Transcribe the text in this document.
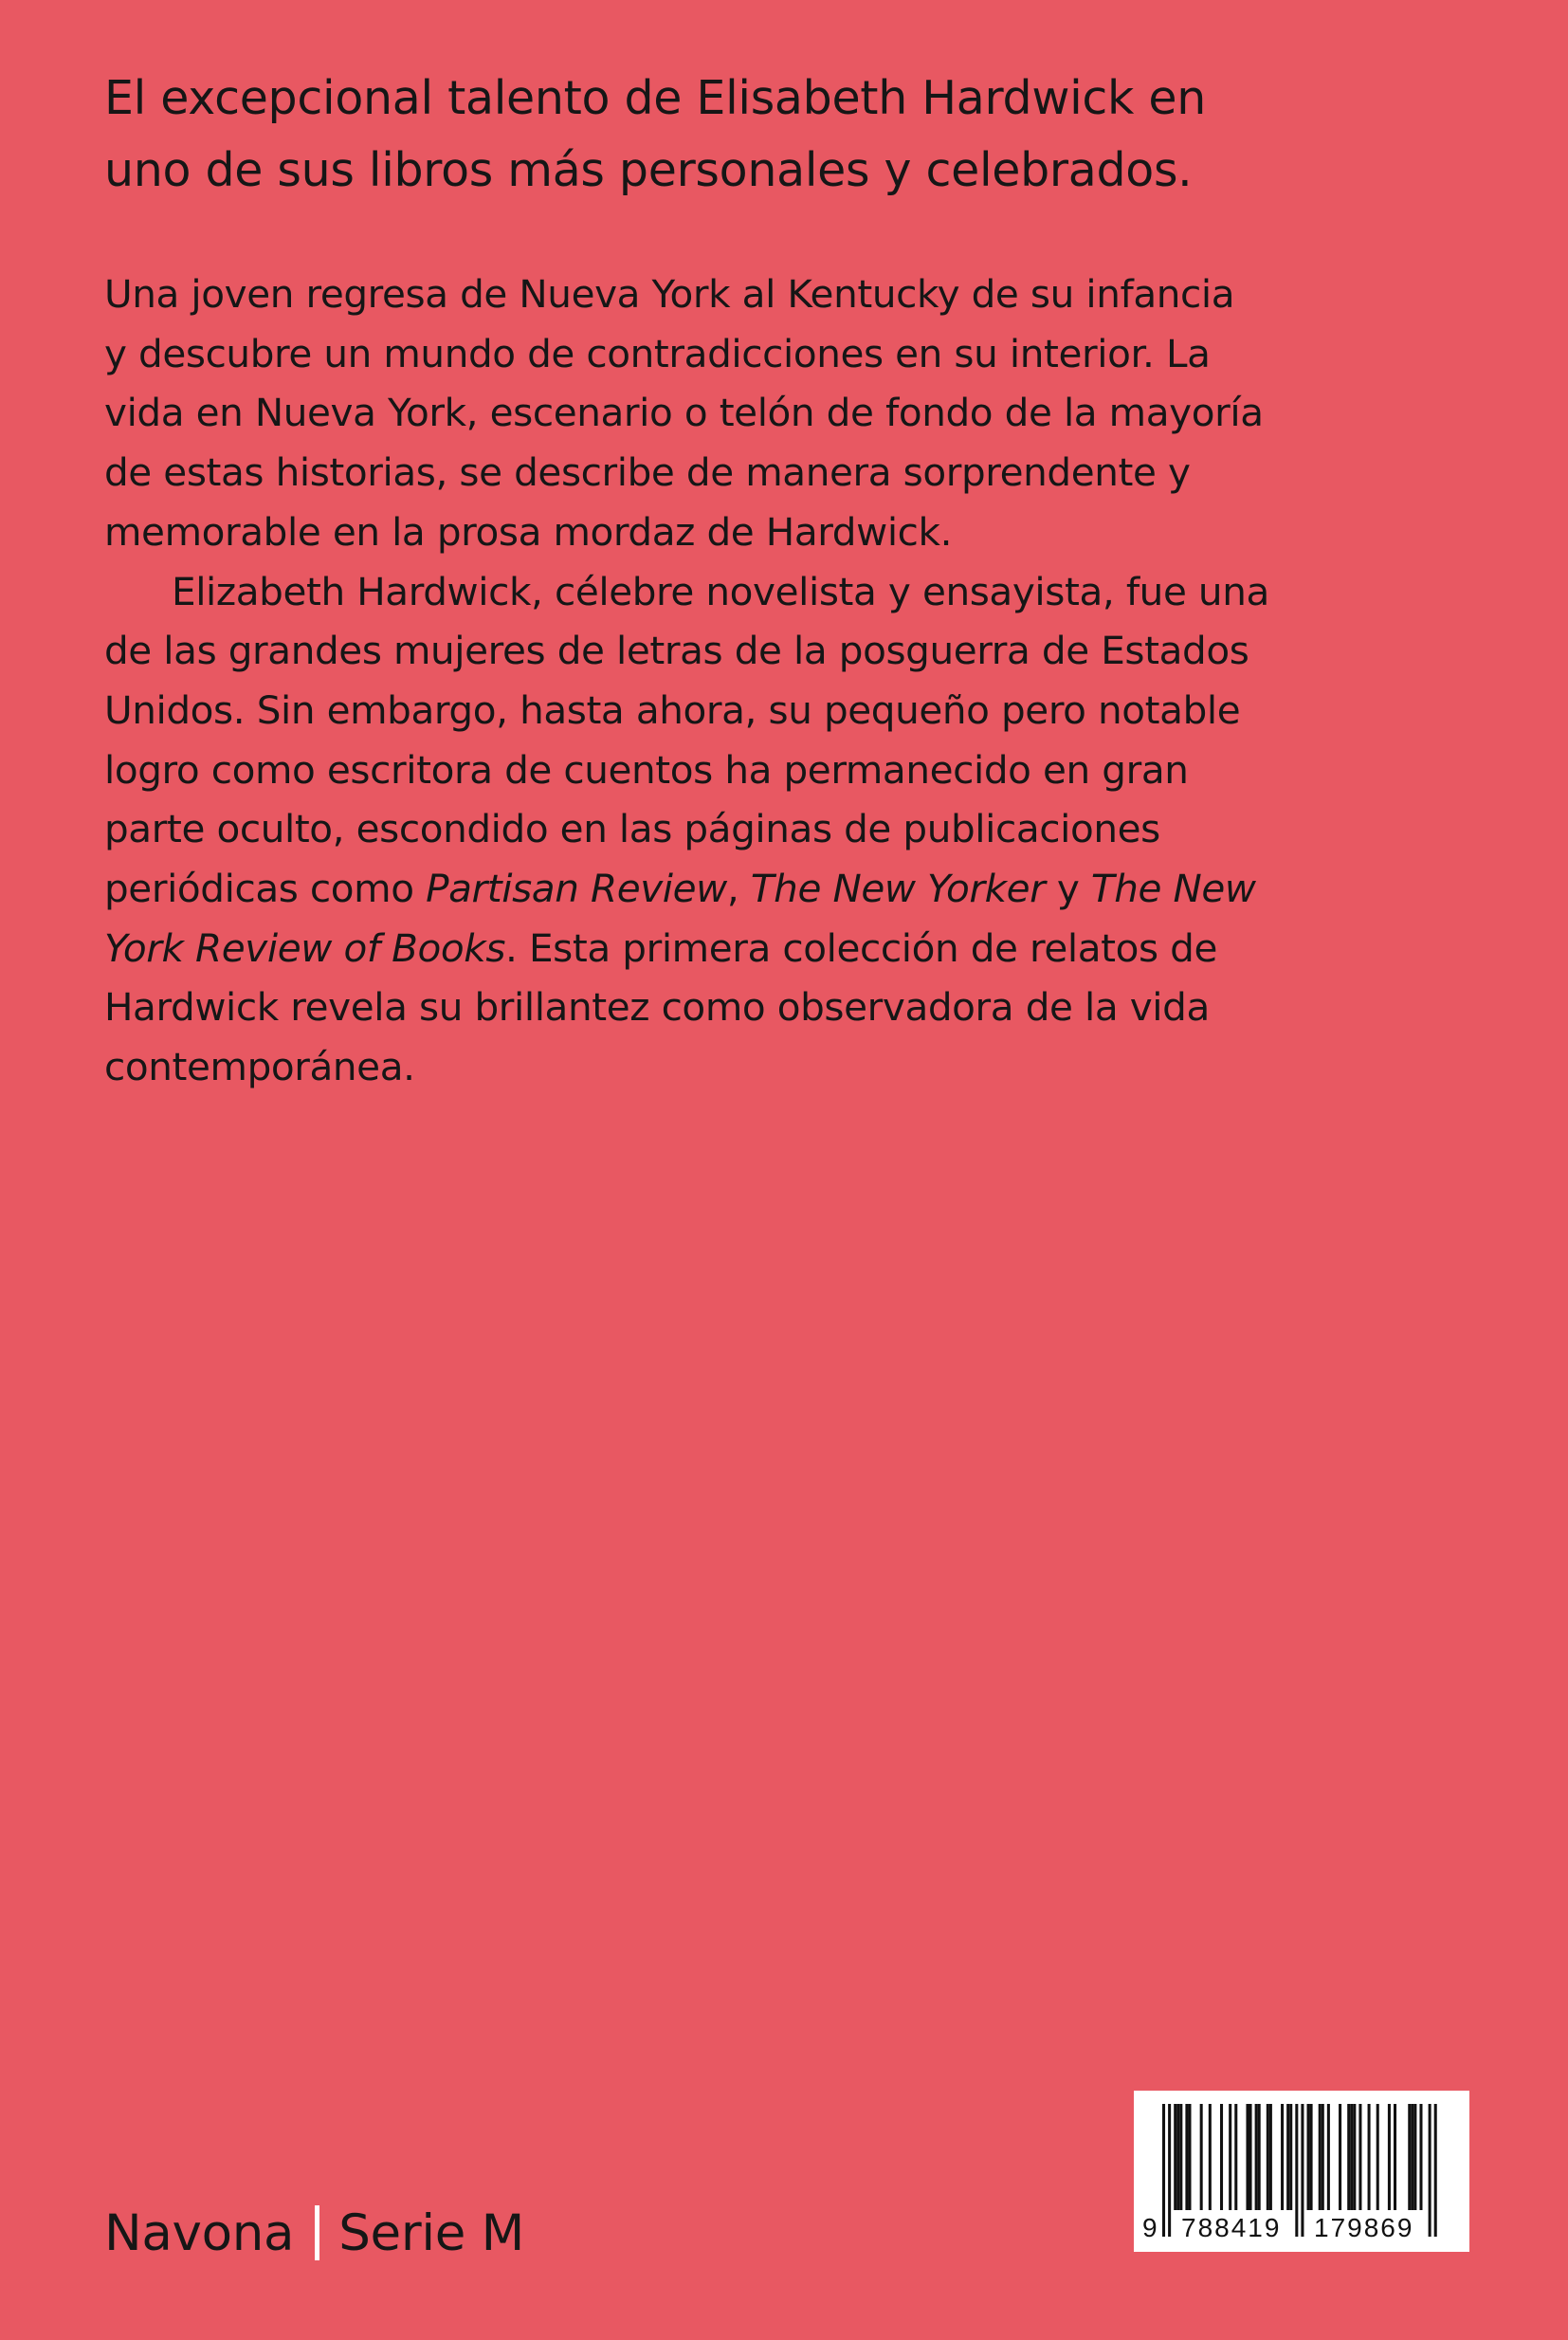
El excepcional talento de Elisabeth Hardwick en
uno de sus libros más personales y celebrados.
Una joven regresa de Nueva York al Kentucky de su infancia
y descubre un mundo de contradicciones en su interior. La
vida en Nueva York, escenario o telón de fondo de la mayoría
de estas historias, se describe de manera sorprendente y
memorable en la prosa mordaz de Hardwick.
Elizabeth Hardwick, célebre novelista y ensayista, fue una
de las grandes mujeres de letras de la posguerra de Estados
Unidos. Sin embargo, hasta ahora, su pequeño pero notable
logro como escritora de cuentos ha permanecido en gran
parte oculto, escondido en las páginas de publicaciones
periódicas como Partisan Review, The New Yorker y The New
York Review of Books. Esta primera colección de relatos de
Hardwick revela su brillantez como observadora de la vida
contemporánea.
Navona Serie M	9 788419 179869
